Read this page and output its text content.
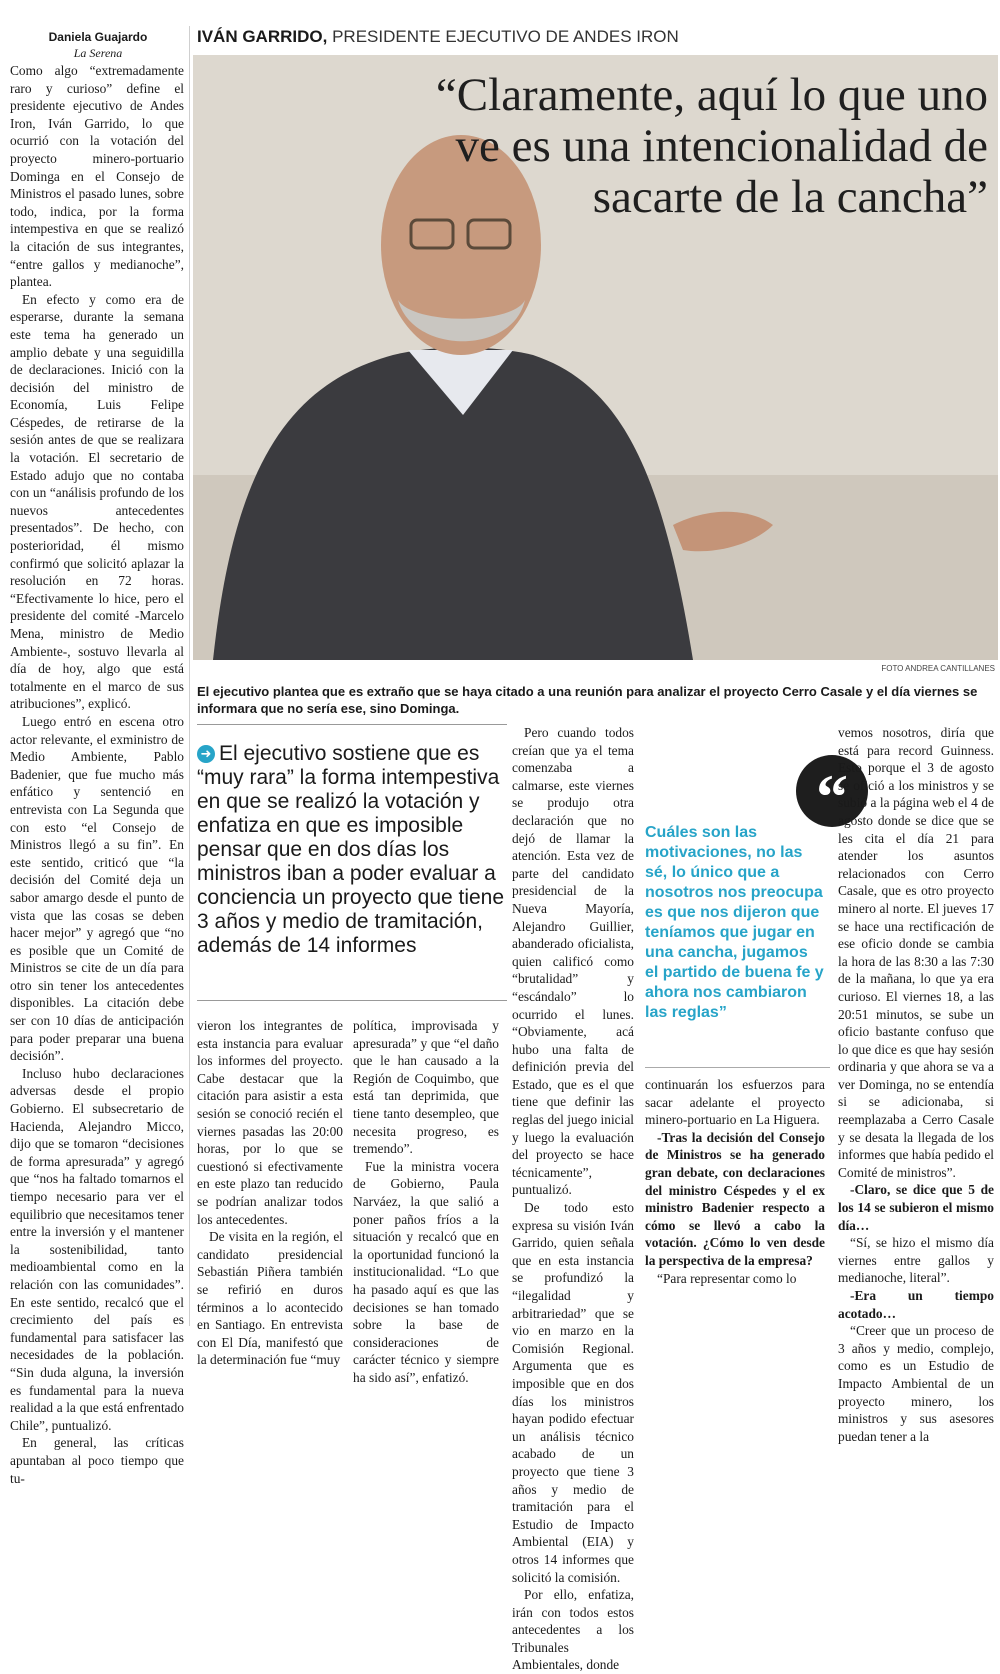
Daniela Guajardo
La Serena
IVÁN GARRIDO, PRESIDENTE EJECUTIVO DE ANDES IRON

Como algo “extremadamente raro y curioso” define el presidente ejecutivo de Andes Iron, Iván Garrido, lo que ocurrió con la votación del proyecto minero-portuario Dominga en el Consejo de Ministros el pasado lunes, sobre todo, indica, por la forma intempestiva en que se realizó la citación de sus integrantes, “entre gallos y medianoche”, plantea.

En efecto y como era de esperarse, durante la semana este tema ha generado un amplio debate y una seguidilla de declaraciones. Inició con la decisión del ministro de Economía, Luis Felipe Céspedes, de retirarse de la sesión antes de que se realizara la votación. El secretario de Estado adujo que no contaba con un “análisis profundo de los nuevos antecedentes presentados”. De hecho, con posterioridad, él mismo confirmó que solicitó aplazar la resolución en 72 horas. “Efectivamente lo hice, pero el presidente del comité -Marcelo Mena, ministro de Medio Ambiente-, sostuvo llevarla al día de hoy, algo que está totalmente en el marco de sus atribuciones”, explicó.

Luego entró en escena otro actor relevante, el exministro de Medio Ambiente, Pablo Badenier, que fue mucho más enfático y sentenció en entrevista con La Segunda que con esto “el Consejo de Ministros llegó a su fin”. En este sentido, criticó que “la decisión del Comité deja un sabor amargo desde el punto de vista que las cosas se deben hacer mejor” y agregó que “no es posible que un Comité de Ministros se cite de un día para otro sin tener los antecedentes disponibles. La citación debe ser con 10 días de anticipación para poder preparar una buena decisión”.

Incluso hubo declaraciones adversas desde el propio Gobierno. El subsecretario de Hacienda, Alejandro Micco, dijo que se tomaron “decisiones de forma apresurada” y agregó que “nos ha faltado tomarnos el tiempo necesario para ver el equilibrio que necesitamos tener entre la inversión y el mantener la sostenibilidad, tanto medioambiental como en la relación con las comunidades”. En este sentido, recalcó que el crecimiento del país es fundamental para satisfacer las necesidades de la población. “Sin duda alguna, la inversión es fundamental para la nueva realidad a la que está enfrentado Chile”, puntualizó.

En general, las críticas apuntaban al poco tiempo que tu-

“Claramente, aquí lo que uno ve es una intencionalidad de sacarte de la cancha”
FOTO ANDREA CANTILLANES
El ejecutivo plantea que es extraño que se haya citado a una reunión para analizar el proyecto Cerro Casale y el día viernes se informara que no sería ese, sino Dominga.
➜ El ejecutivo sostiene que es “muy rara” la forma intempestiva en que se realizó la votación y enfatiza en que es imposible pensar que en dos días los ministros iban a poder evaluar a conciencia un proyecto que tiene 3 años y medio de tramitación, además de 14 informes

vieron los integrantes de esta instancia para evaluar los informes del proyecto. Cabe destacar que la citación para asistir a esta sesión se conoció recién el viernes pasadas las 20:00 horas, por lo que se cuestionó si efectivamente en este plazo tan reducido se podrían analizar todos los antecedentes.

De visita en la región, el candidato presidencial Sebastián Piñera también se refirió en duros términos a lo acontecido en Santiago. En entrevista con El Día, manifestó que la determinación fue “muy

política, improvisada y apresurada” y que “el daño que le han causado a la Región de Coquimbo, que está tan deprimida, que tiene tanto desempleo, que necesita progreso, es tremendo”.

Fue la ministra vocera de Gobierno, Paula Narváez, la que salió a poner paños fríos a la situación y recalcó que en la oportunidad funcionó la institucionalidad. “Lo que ha pasado aquí es que las decisiones se han tomado sobre la base de consideraciones de carácter técnico y siempre ha sido así”, enfatizó.

Pero cuando todos creían que ya el tema comenzaba a calmarse, este viernes se produjo otra declaración que no dejó de llamar la atención. Esta vez de parte del candidato presidencial de la Nueva Mayoría, Alejandro Guillier, abanderado oficialista, quien calificó como “brutalidad” y “escándalo” lo ocurrido el lunes. “Obviamente, acá hubo una falta de definición previa del Estado, que es el que tiene que definir las reglas del juego inicial y luego la evaluación del proyecto se hace técnicamente”, puntualizó.

De todo esto expresa su visión Iván Garrido, quien señala que en esta instancia se profundizó la “ilegalidad y arbitrariedad” que se vio en marzo en la Comisión Regional. Argumenta que es imposible que en dos días los ministros hayan podido efectuar un análisis técnico acabado de un proyecto que tiene 3 años y medio de tramitación para el Estudio de Impacto Ambiental (EIA) y otros 14 informes que solicitó la comisión.

Por ello, enfatiza, irán con todos estos antecedentes a los Tribunales Ambientales, donde

“
Cuáles son las motivaciones, no las sé, lo único que a nosotros nos preocupa es que nos dijeron que teníamos que jugar en una cancha, jugamos el partido de buena fe y ahora nos cambiaron las reglas”

continuarán los esfuerzos para sacar adelante el proyecto minero-portuario en La Higuera.

-Tras la decisión del Consejo de Ministros se ha generado gran debate, con declaraciones del ministro Céspedes y el ex ministro Badenier respecto a cómo se llevó a cabo la votación. ¿Cómo lo ven desde la perspectiva de la empresa?

“Para representar como lo

vemos nosotros, diría que está para record Guinness. Esto porque el 3 de agosto se ofició a los ministros y se subió a la página web el 4 de agosto donde se dice que se les cita el día 21 para atender los asuntos relacionados con Cerro Casale, que es otro proyecto minero al norte. El jueves 17 se hace una rectificación de ese oficio donde se cambia la hora de las 8:30 a las 7:30 de la mañana, lo que ya era curioso. El viernes 18, a las 20:51 minutos, se sube un oficio bastante confuso que lo que dice es que hay sesión ordinaria y que ahora se va a ver Dominga, no se entendía si se adicionaba, si reemplazaba a Cerro Casale y se desata la llegada de los informes que había pedido el Comité de ministros”.

-Claro, se dice que 5 de los 14 se subieron el mismo día…

“Sí, se hizo el mismo día viernes entre gallos y medianoche, literal”.

-Era un tiempo acotado…

“Creer que un proceso de 3 años y medio, complejo, como es un Estudio de Impacto Ambiental de un proyecto minero, los ministros y sus asesores puedan tener a la
